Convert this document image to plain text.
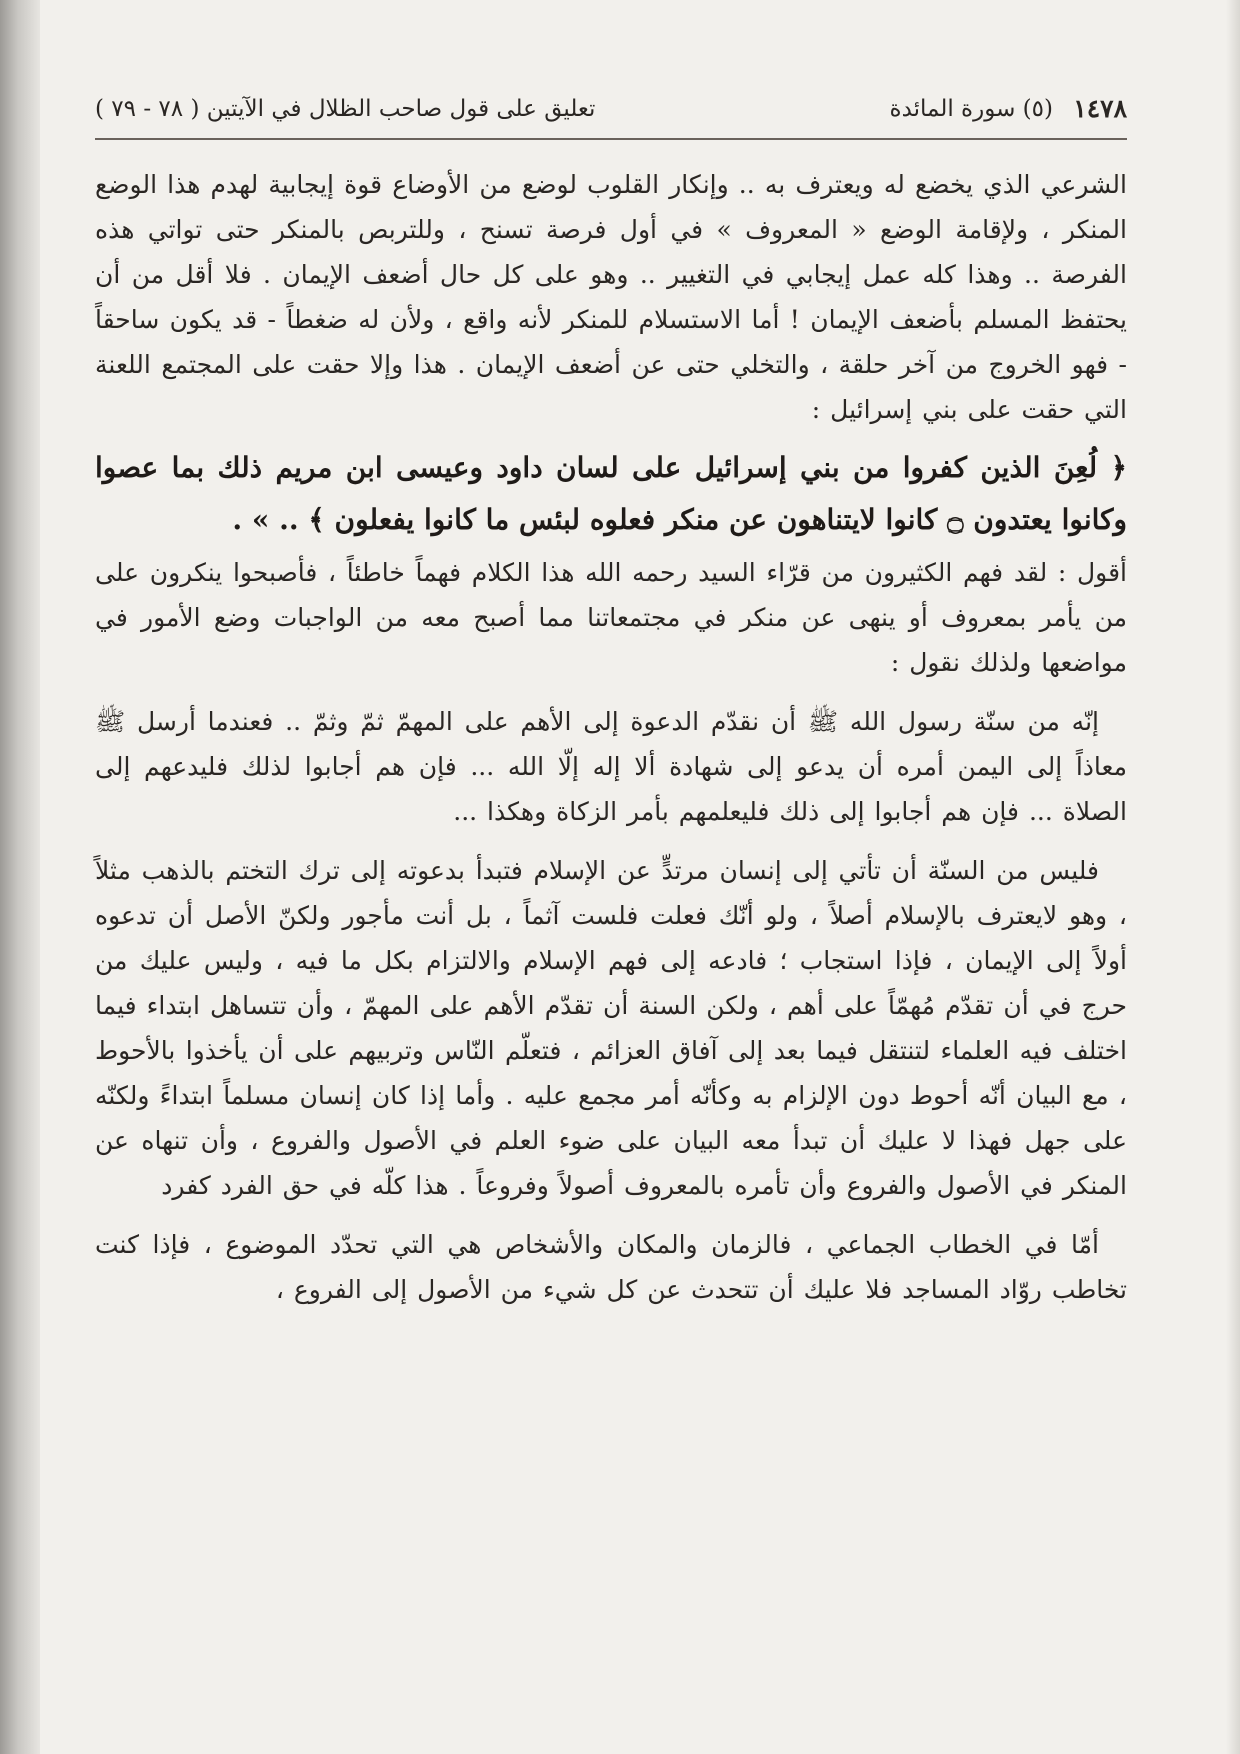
١٤٧٨
(٥) سورة المائدة
تعليق على قول صاحب الظلال في الآيتين ( ٧٨ - ٧٩ )

الشرعي الذي يخضع له ويعترف به .. وإنكار القلوب لوضع من الأوضاع قوة إيجابية لهدم هذا الوضع المنكر ، ولإقامة الوضع « المعروف » في أول فرصة تسنح ، وللتربص بالمنكر حتى تواتي هذه الفرصة .. وهذا كله عمل إيجابي في التغيير .. وهو على كل حال أضعف الإيمان . فلا أقل من أن يحتفظ المسلم بأضعف الإيمان ! أما الاستسلام للمنكر لأنه واقع ، ولأن له ضغطاً - قد يكون ساحقاً - فهو الخروج من آخر حلقة ، والتخلي حتى عن أضعف الإيمان . هذا وإلا حقت على المجتمع اللعنة التي حقت على بني إسرائيل :

﴿ لُعِنَ الذين كفروا من بني إسرائيل على لسان داود وعيسى ابن مريم ذلك بما عصوا وكانوا يعتدون ۝ كانوا لايتناهون عن منكر فعلوه لبئس ما كانوا يفعلون ﴾ .. » .

أقول : لقد فهم الكثيرون من قرّاء السيد رحمه الله هذا الكلام فهماً خاطئاً ، فأصبحوا ينكرون على من يأمر بمعروف أو ينهى عن منكر في مجتمعاتنا مما أصبح معه من الواجبات وضع الأمور في مواضعها ولذلك نقول :

إنّه من سنّة رسول الله ﷺ أن نقدّم الدعوة إلى الأهم على المهمّ ثمّ وثمّ .. فعندما أرسل ﷺ معاذاً إلى اليمن أمره أن يدعو إلى شهادة ألا إله إلّا الله ... فإن هم أجابوا لذلك فليدعهم إلى الصلاة ... فإن هم أجابوا إلى ذلك فليعلمهم بأمر الزكاة وهكذا ...

فليس من السنّة أن تأتي إلى إنسان مرتدٍّ عن الإسلام فتبدأ بدعوته إلى ترك التختم بالذهب مثلاً ، وهو لايعترف بالإسلام أصلاً ، ولو أنّك فعلت فلست آثماً ، بل أنت مأجور ولكنّ الأصل أن تدعوه أولاً إلى الإيمان ، فإذا استجاب ؛ فادعه إلى فهم الإسلام والالتزام بكل ما فيه ، وليس عليك من حرج في أن تقدّم مُهمّاً على أهم ، ولكن السنة أن تقدّم الأهم على المهمّ ، وأن تتساهل ابتداء فيما اختلف فيه العلماء لتنتقل فيما بعد إلى آفاق العزائم ، فتعلّم النّاس وتربيهم على أن يأخذوا بالأحوط ، مع البيان أنّه أحوط دون الإلزام به وكأنّه أمر مجمع عليه . وأما إذا كان إنسان مسلماً ابتداءً ولكنّه على جهل فهذا لا عليك أن تبدأ معه البيان على ضوء العلم في الأصول والفروع ، وأن تنهاه عن المنكر في الأصول والفروع وأن تأمره بالمعروف أصولاً وفروعاً . هذا كلّه في حق الفرد كفرد

أمّا في الخطاب الجماعي ، فالزمان والمكان والأشخاص هي التي تحدّد الموضوع ، فإذا كنت تخاطب روّاد المساجد فلا عليك أن تتحدث عن كل شيء من الأصول إلى الفروع ،
